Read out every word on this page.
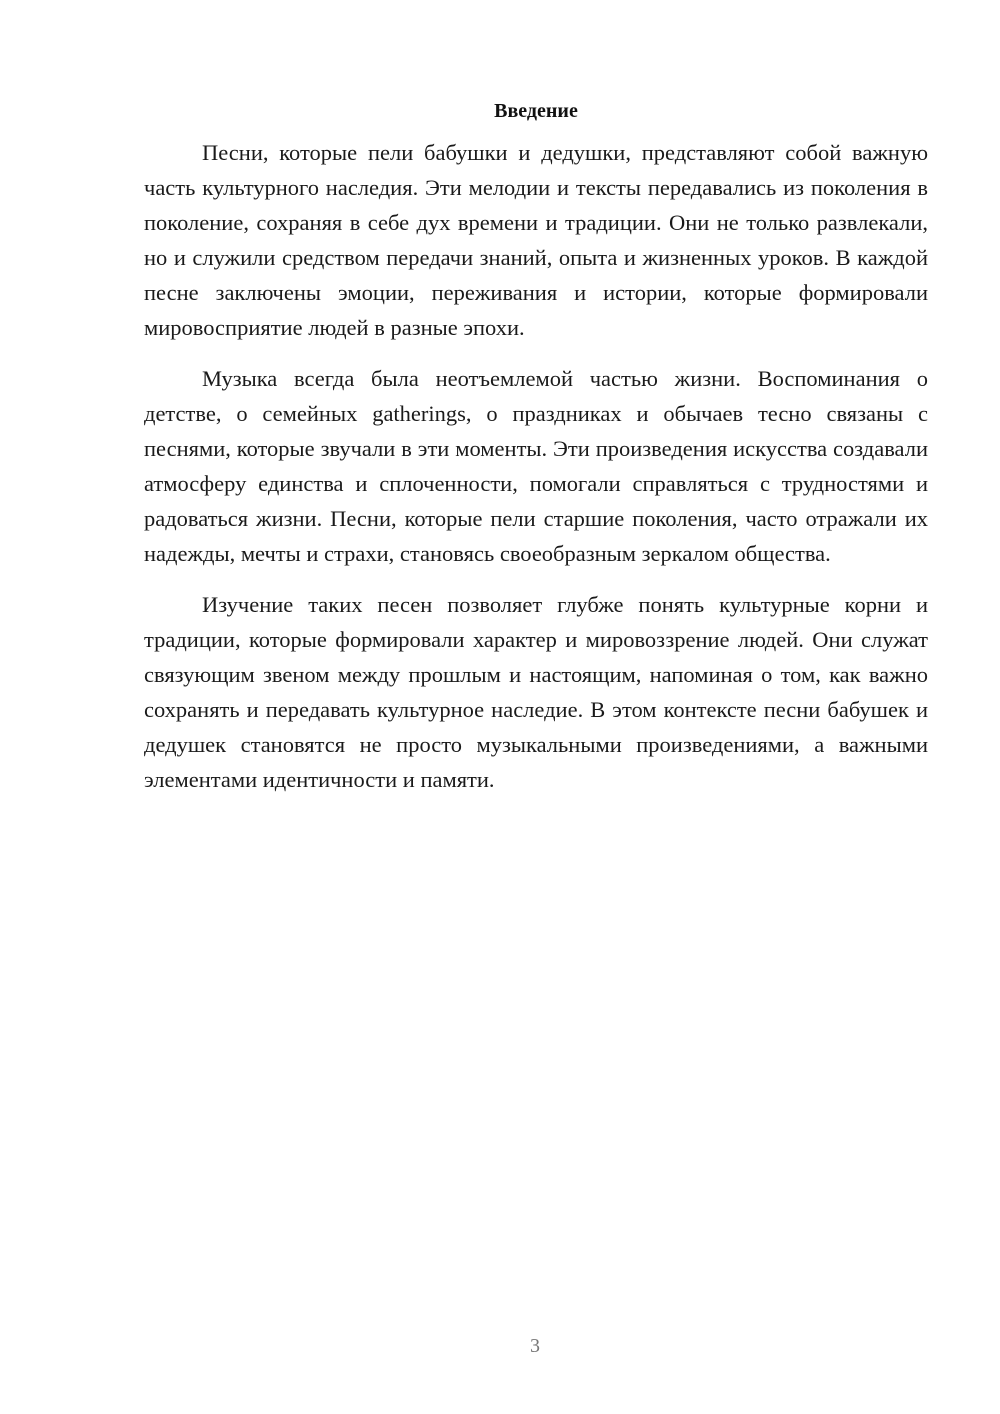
Введение

Песни, которые пели бабушки и дедушки, представляют собой важную часть культурного наследия. Эти мелодии и тексты передавались из поколения в поколение, сохраняя в себе дух времени и традиции. Они не только развлекали, но и служили средством передачи знаний, опыта и жизненных уроков. В каждой песне заключены эмоции, переживания и истории, которые формировали мировосприятие людей в разные эпохи.

Музыка всегда была неотъемлемой частью жизни. Воспоминания о детстве, о семейных gatherings, о праздниках и обычаев тесно связаны с песнями, которые звучали в эти моменты. Эти произведения искусства создавали атмосферу единства и сплоченности, помогали справляться с трудностями и радоваться жизни. Песни, которые пели старшие поколения, часто отражали их надежды, мечты и страхи, становясь своеобразным зеркалом общества.

Изучение таких песен позволяет глубже понять культурные корни и традиции, которые формировали характер и мировоззрение людей. Они служат связующим звеном между прошлым и настоящим, напоминая о том, как важно сохранять и передавать культурное наследие. В этом контексте песни бабушек и дедушек становятся не просто музыкальными произведениями, а важными элементами идентичности и памяти.

3
